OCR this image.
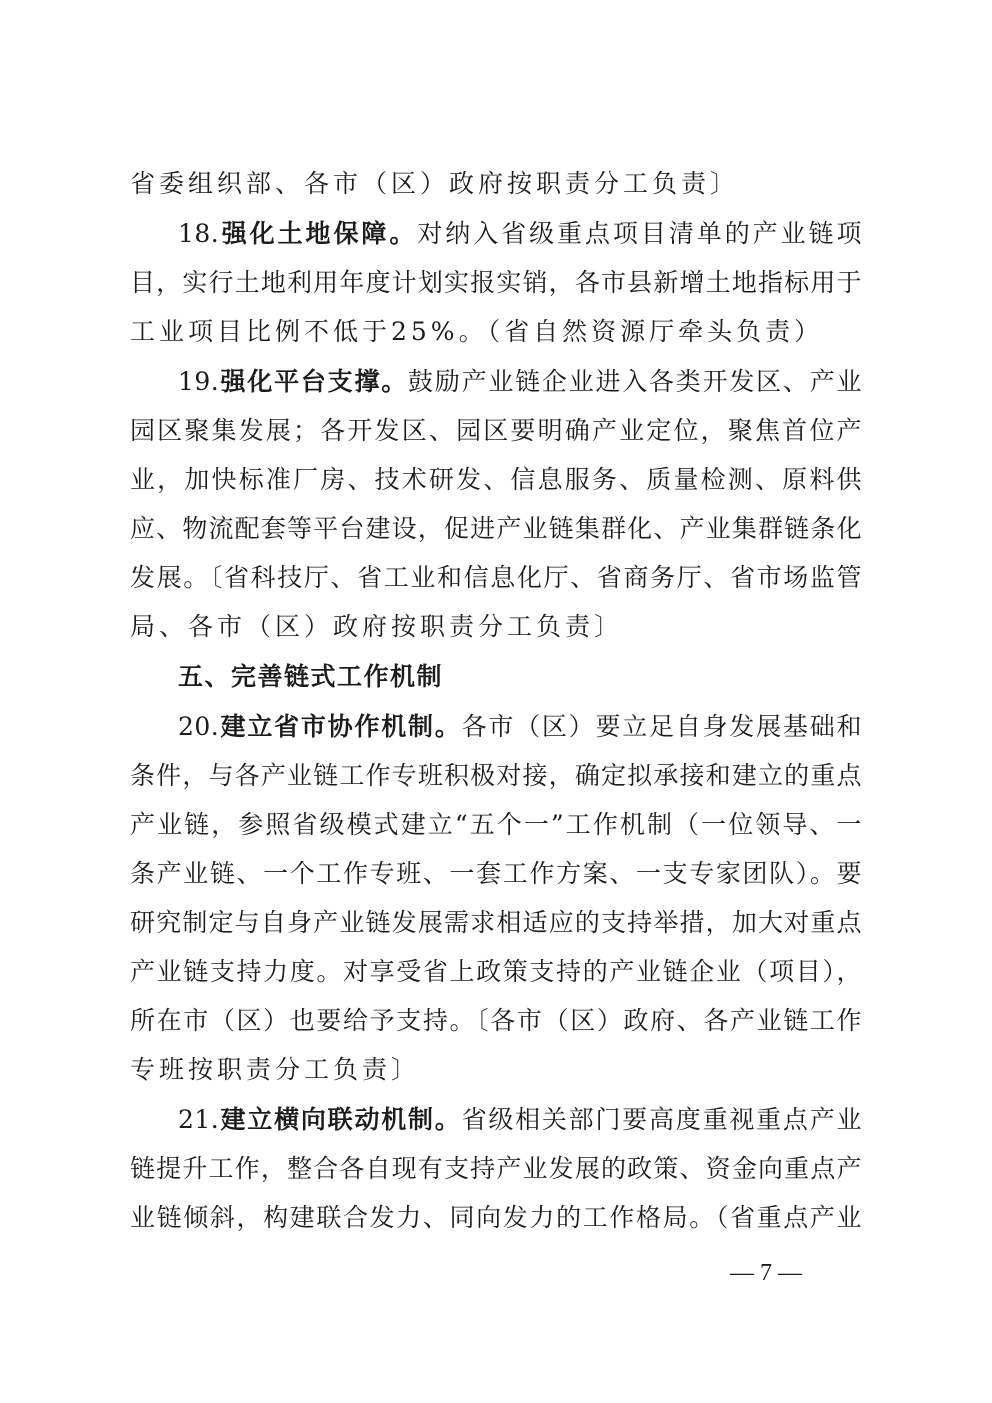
省委组织部、各市（区）政府按职责分工负责〕
18.强化土地保障。对纳入省级重点项目清单的产业链项
目，实行土地利用年度计划实报实销，各市县新增土地指标用于
工业项目比例不低于25%。（省自然资源厅牵头负责）
19.强化平台支撑。鼓励产业链企业进入各类开发区、产业
园区聚集发展；各开发区、园区要明确产业定位，聚焦首位产
业，加快标准厂房、技术研发、信息服务、质量检测、原料供
应、物流配套等平台建设，促进产业链集群化、产业集群链条化
发展。〔省科技厅、省工业和信息化厅、省商务厅、省市场监管
局、各市（区）政府按职责分工负责〕
五、完善链式工作机制
20.建立省市协作机制。各市（区）要立足自身发展基础和
条件，与各产业链工作专班积极对接，确定拟承接和建立的重点
产业链，参照省级模式建立“五个一”工作机制（一位领导、一
条产业链、一个工作专班、一套工作方案、一支专家团队）。要
研究制定与自身产业链发展需求相适应的支持举措，加大对重点
产业链支持力度。对享受省上政策支持的产业链企业（项目），
所在市（区）也要给予支持。〔各市（区）政府、各产业链工作
专班按职责分工负责〕
21.建立横向联动机制。省级相关部门要高度重视重点产业
链提升工作，整合各自现有支持产业发展的政策、资金向重点产
业链倾斜，构建联合发力、同向发力的工作格局。（省重点产业
— 7 —
